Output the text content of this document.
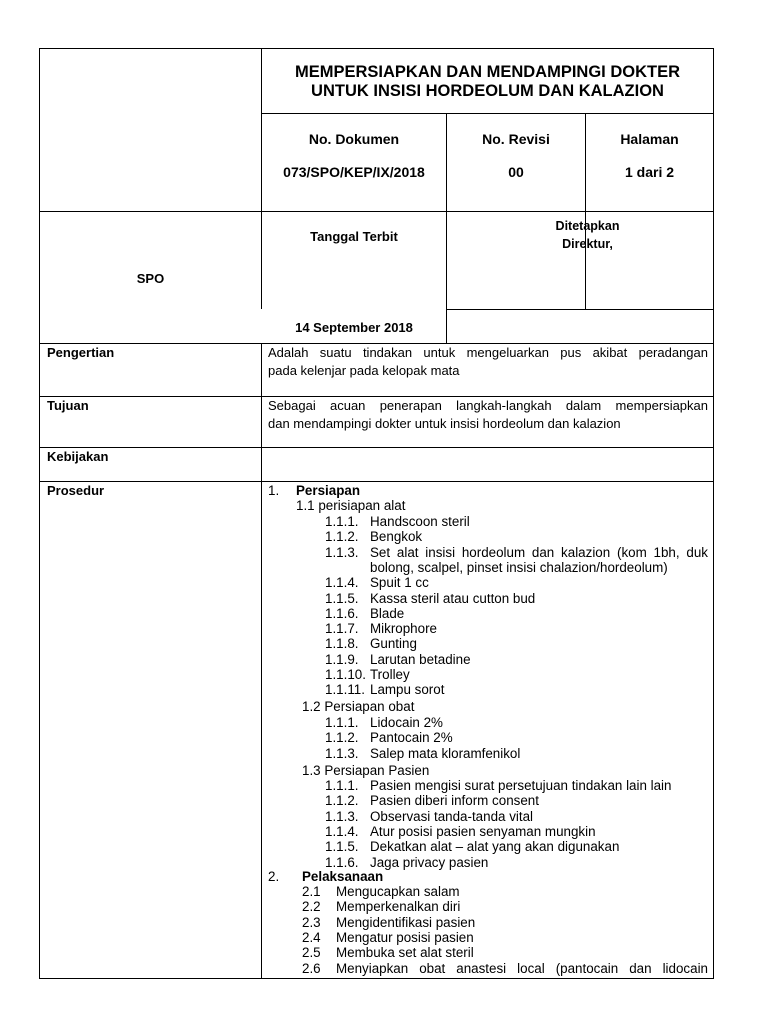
MEMPERSIAPKAN DAN MENDAMPINGI DOKTER
UNTUK INSISI HORDEOLUM DAN KALAZION
No. Dokumen
073/SPO/KEP/IX/2018
No. Revisi
00
Halaman
1 dari 2
SPO
Tanggal Terbit
14 September 2018
Ditetapkan
Direktur,
Pengertian
Tujuan
Kebijakan
Prosedur
Adalah suatu tindakan untuk mengeluarkan pus akibat peradangan
pada kelenjar pada kelopak mata
Sebagai acuan penerapan langkah-langkah dalam mempersiapkan
dan mendampingi dokter untuk insisi hordeolum dan kalazion
1. Persiapan
1.1 perisiapan alat
1.1.1. Handscoon steril
1.1.2. Bengkok
1.1.3. Set alat insisi hordeolum dan kalazion (kom 1bh, duk
bolong, scalpel, pinset insisi chalazion/hordeolum)
1.1.4. Spuit 1 cc
1.1.5. Kassa steril atau cutton bud
1.1.6. Blade
1.1.7. Mikrophore
1.1.8. Gunting
1.1.9. Larutan betadine
1.1.10. Trolley
1.1.11. Lampu sorot
1.2 Persiapan obat
1.1.1. Lidocain 2%
1.1.2. Pantocain 2%
1.1.3. Salep mata kloramfenikol
1.3 Persiapan Pasien
1.1.1. Pasien mengisi surat persetujuan tindakan lain lain
1.1.2. Pasien diberi inform consent
1.1.3. Observasi tanda-tanda vital
1.1.4. Atur posisi pasien senyaman mungkin
1.1.5. Dekatkan alat – alat yang akan digunakan
1.1.6. Jaga privacy pasien
2. Pelaksanaan
2.1 Mengucapkan salam
2.2 Memperkenalkan diri
2.3 Mengidentifikasi pasien
2.4 Mengatur posisi pasien
2.5 Membuka set alat steril
2.6 Menyiapkan obat anastesi local (pantocain dan lidocain
